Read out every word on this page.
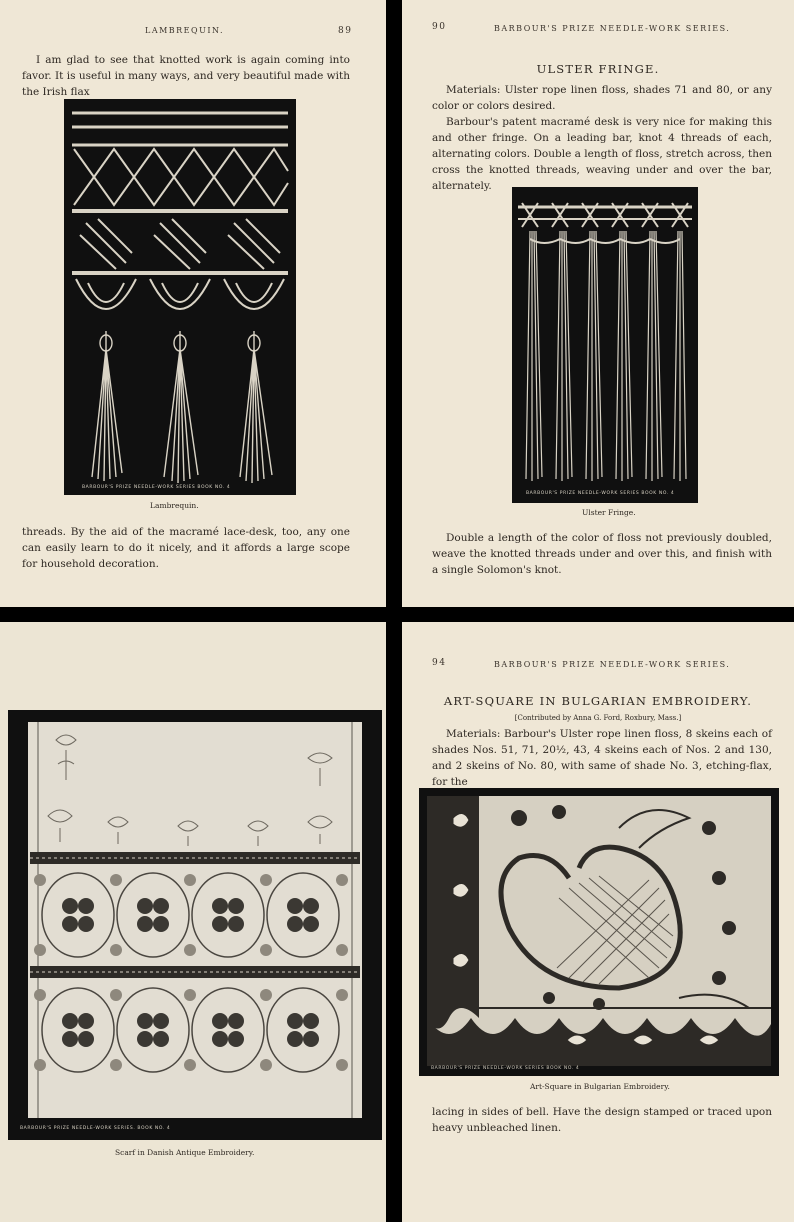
LAMBREQUIN.	89

I am glad to see that knotted work is again coming into favor. It is useful in many ways, and very beautiful made with the Irish flax

BARBOUR'S PRIZE NEEDLE-WORK SERIES BOOK NO. 4
Lambrequin.

threads. By the aid of the macramé lace-desk, too, any one can easily learn to do it nicely, and it affords a large scope for household decoration.

90	BARBOUR'S PRIZE NEEDLE-WORK SERIES.
ULSTER FRINGE.

Materials: Ulster rope linen floss, shades 71 and 80, or any color or colors desired.

Barbour's patent macramé desk is very nice for making this and other fringe. On a leading bar, knot 4 threads of each, alternating colors. Double a length of floss, stretch across, then cross the knotted threads, weaving under and over the bar, alternately.

BARBOUR'S PRIZE NEEDLE-WORK SERIES BOOK NO. 4
Ulster Fringe.

Double a length of the color of floss not previously doubled, weave the knotted threads under and over this, and finish with a single Solomon's knot.

BARBOUR'S PRIZE NEEDLE-WORK SERIES. BOOK NO. 4
Scarf in Danish Antique Embroidery.
94	BARBOUR'S PRIZE NEEDLE-WORK SERIES.
ART-SQUARE IN BULGARIAN EMBROIDERY.
[Contributed by Anna G. Ford, Roxbury, Mass.]

Materials: Barbour's Ulster rope linen floss, 8 skeins each of shades Nos. 51, 71, 20½, 43, 4 skeins each of Nos. 2 and 130, and 2 skeins of No. 80, with same of shade No. 3, etching-flax, for the

BARBOUR'S PRIZE NEEDLE-WORK SERIES BOOK NO. 4
Art-Square in Bulgarian Embroidery.

lacing in sides of bell. Have the design stamped or traced upon heavy unbleached linen.
